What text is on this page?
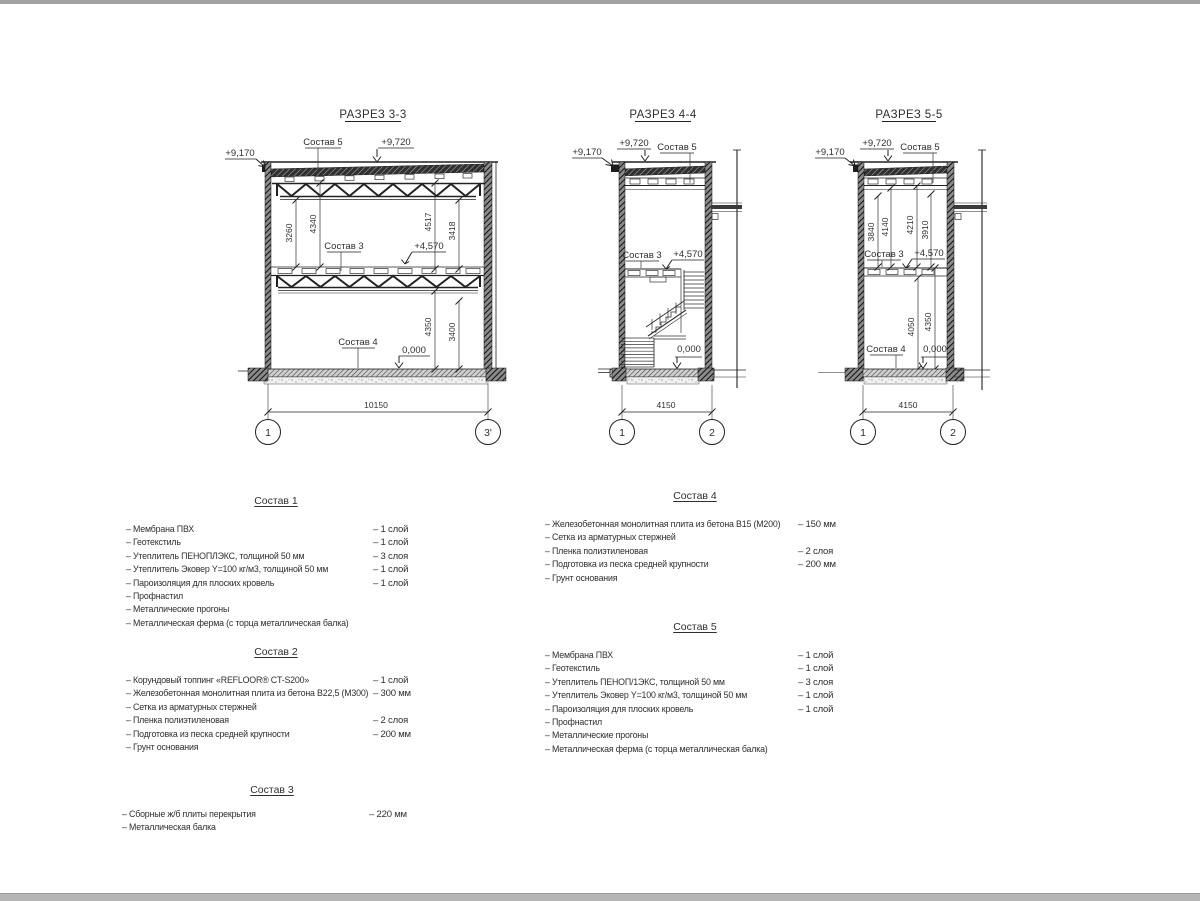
РАЗРЕЗ 3-3
3260 4340	4517 3418
4350 3400
Состав 5	+9,720
+9,170
Состав 3	+4,570
Состав 4
0,000
10150
1	3'
РАЗРЕЗ 4-4
Состав 5
+9,720
+9,170
Состав 3 +4,570
0,000
4150
1	2
РАЗРЕЗ 5-5
3840 4140 4210 3910
4050 4350
Состав 5
+9,720
+9,170
Состав 3 +4,570
Состав 4 0,000
4150
1	2
Состав 1
– Мембрана ПВХ	– 1 слой
– Геотекстиль	– 1 слой
– Утеплитель ПЕНОПЛЭКС, толщиной 50 мм	– 3 слоя
– Утеплитель Эковер Y=100 кг/м3, толщиной 50 мм	– 1 слой
– Пароизоляция для плоских кровель	– 1 слой
– Профнастил
– Металлические прогоны
– Металлическая ферма (с торца металлическая балка)
Состав 2
– Корундовый топпинг «REFLOOR® CT-S200»	– 1 слой
– Железобетонная монолитная плита из бетона В22,5 (М300) – 300 мм
– Сетка из арматурных стержней
– Пленка полиэтиленовая	– 2 слоя
– Подготовка из песка средней крупности	– 200 мм
– Грунт основания
Состав 3
– Сборные ж/б плиты перекрытия	– 220 мм
– Металлическая балка
Состав 4
– Железобетонная монолитная плита из бетона В15 (М200) – 150 мм
– Сетка из арматурных стержней
– Пленка полиэтиленовая	– 2 слоя
– Подготовка из песка средней крупности	– 200 мм
– Грунт основания
Состав 5
– Мембрана ПВХ	– 1 слой
– Геотекстиль	– 1 слой
– Утеплитель ПЕНОП/1ЭКС, толщиной 50 мм	– 3 слоя
– Утеплитель Эковер Y=100 кг/м3, толщиной 50 мм	– 1 слой
– Пароизоляция для плоских кровель	– 1 слой
– Профнастил
– Металлические прогоны
– Металлическая ферма (с торца металлическая балка)
